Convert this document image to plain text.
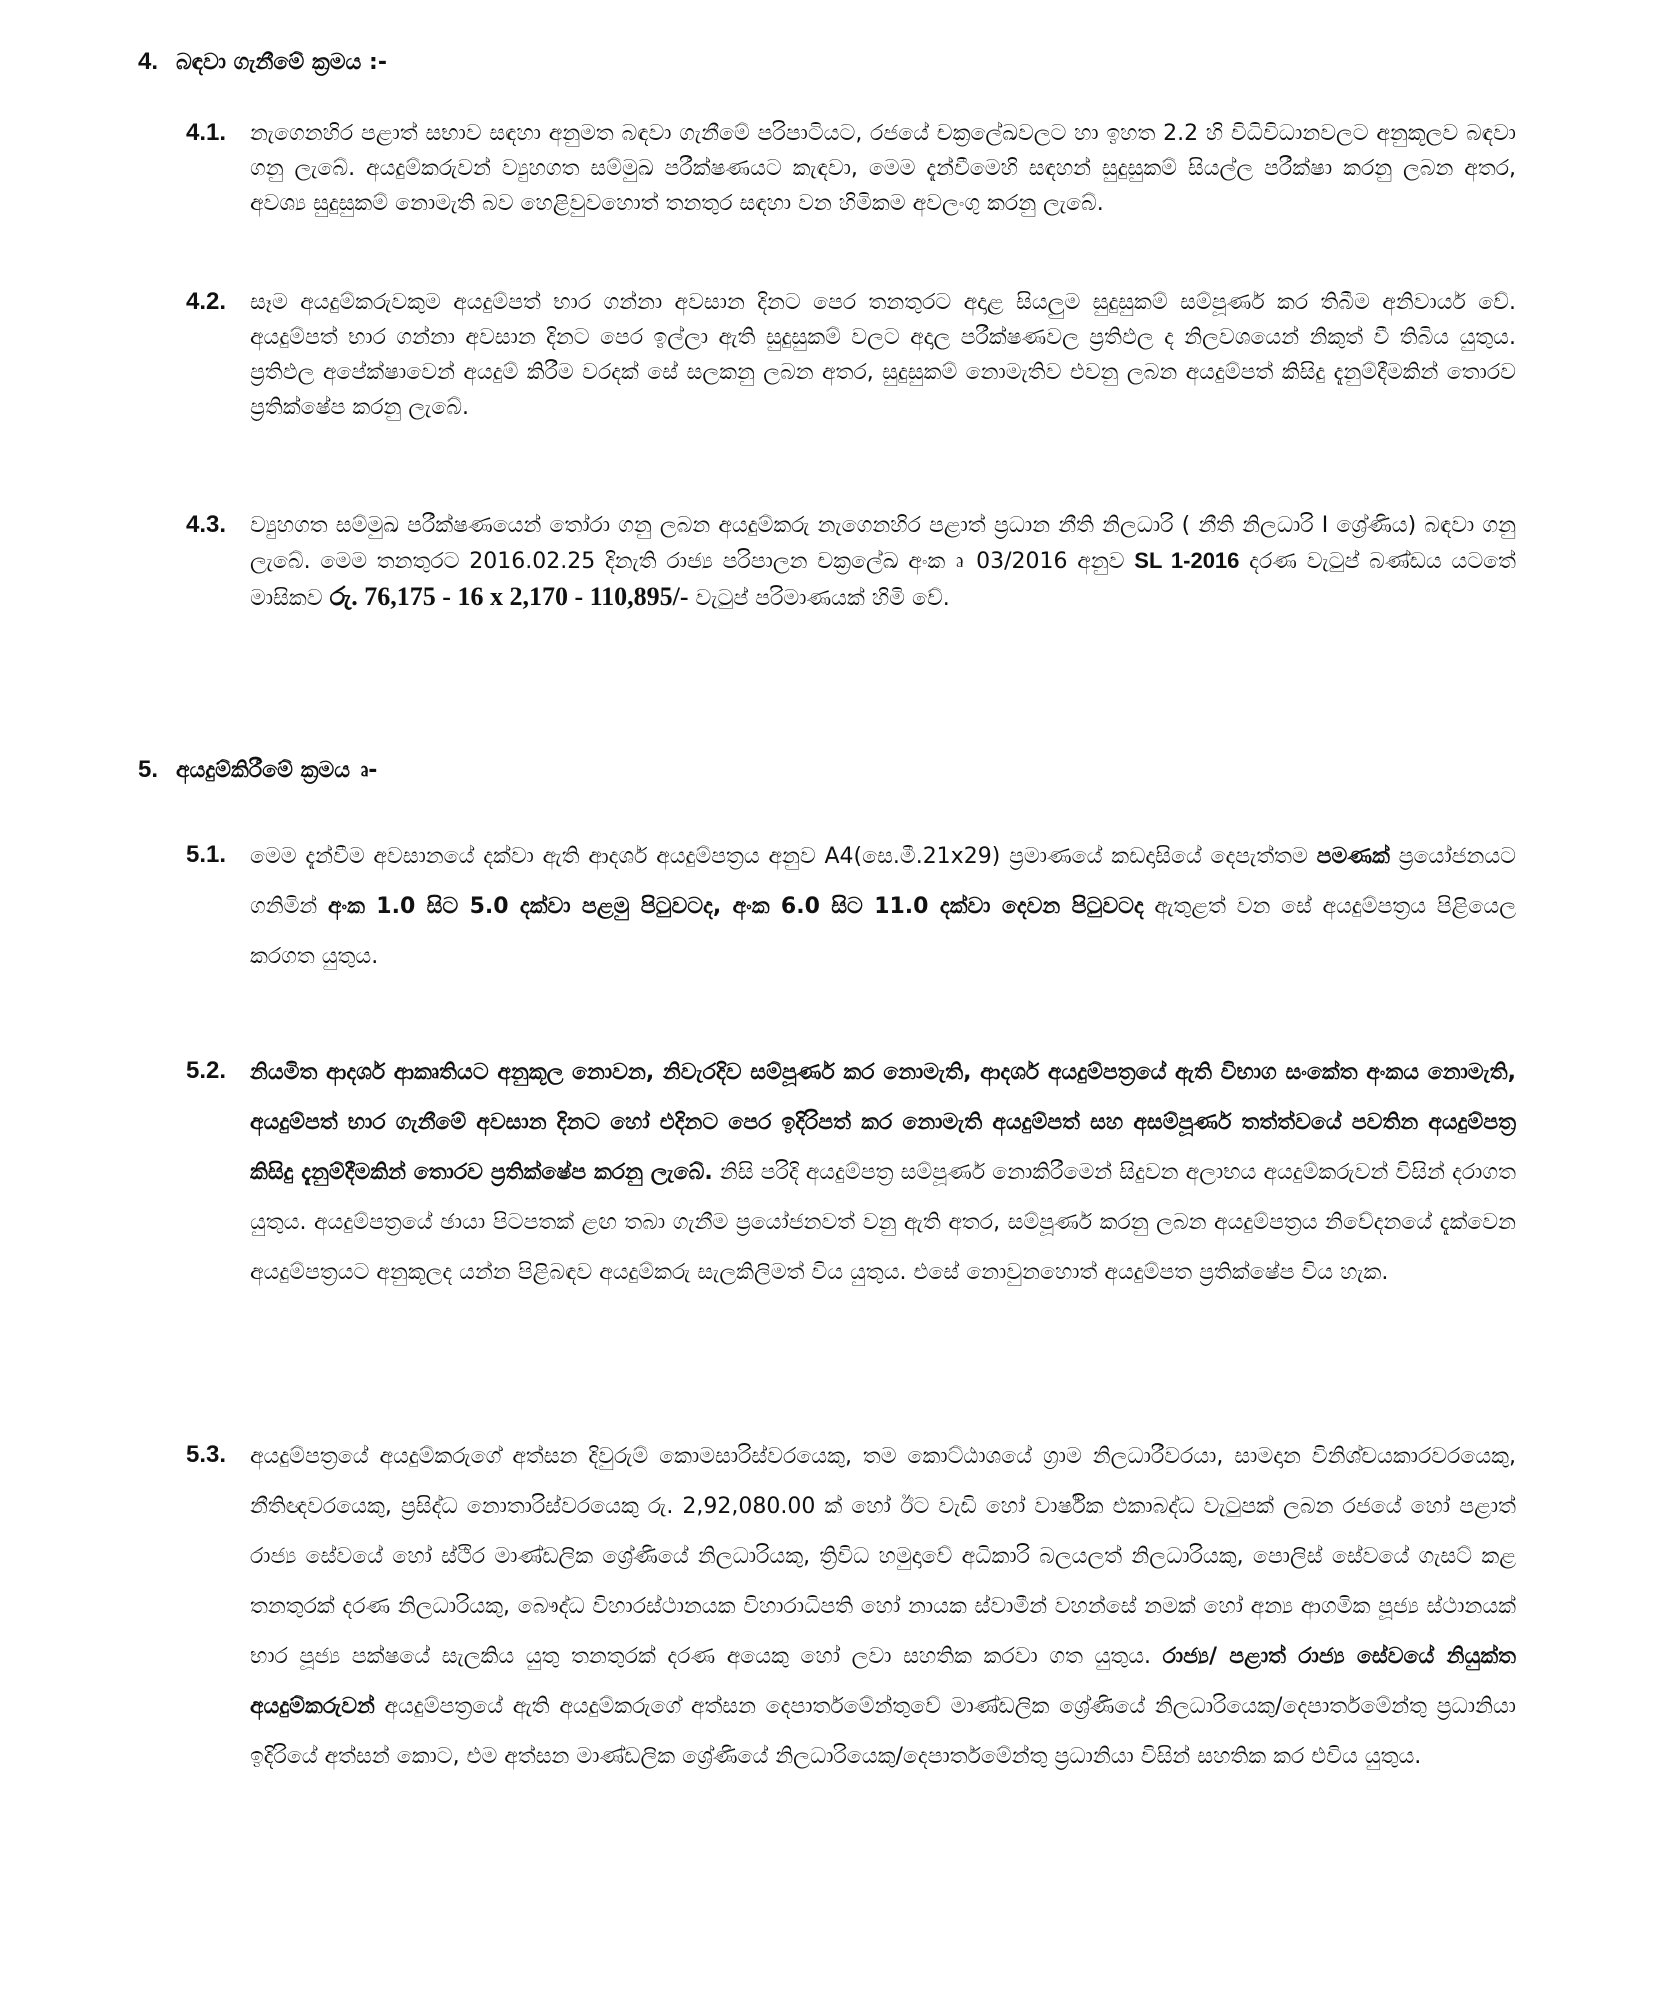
4. බඳවා ගැනීමේ ක්‍රමය :-
4.1.	නැගෙනහිර පළාත් සභාව සඳහා අනුමත බඳවා ගැනීමේ පරිපාටියට, රජයේ චක්‍රලේඛවලට හා ඉහත 2.2 හි විධිවිධානවලට අනුකූලව බඳවා ගනු ලැබේ. අයදුම්කරුවන් ව්‍යුහගත සම්මුඛ පරීක්ෂණයට කැඳවා, මෙම දැන්වීමෙහි සඳහන් සුදුසුකම් සියල්ල පරීක්ෂා කරනු ලබන අතර, අවශ්‍ය සුදුසුකම් නොමැති බව හෙළිවුවහොත් තනතුර සඳහා වන හිමිකම අවලංගු කරනු ලැබේ.
4.2.	සෑම අයදුම්කරුවකුම අයදුම්පත් භාර ගන්නා අවසාන දිනට පෙර තනතුරට අදාළ සියලුම සුදුසුකම් සම්පූර්ණ කර තිබීම අනිවාර්ය වේ. අයදුම්පත් භාර ගන්නා අවසාන දිනට පෙර ඉල්ලා ඇති සුදුසුකම් වලට අදාල පරීක්ෂණවල ප්‍රතිඵල ද නිලවශයෙන් නිකුත් වී තිබිය යුතුය. ප්‍රතිඵල අපේක්ෂාවෙන් අයදුම් කිරීම වරදක් සේ සලකනු ලබන අතර, සුදුසුකම් නොමැතිව එවනු ලබන අයදුම්පත් කිසිදු දැනුම්දීමකින් තොරව ප්‍රතික්ෂේප කරනු ලැබේ.
4.3.	ව්‍යුහගත සම්මුඛ පරීක්ෂණයෙන් තෝරා ගනු ලබන අයදුම්කරු නැගෙනහිර පළාත් ප්‍රධාන නීති නිලධාරි ( නීති නිලධාරි I ශ්‍රේණිය) බඳවා ගනු ලැබේ. මෙම තනතුරට 2016.02.25 දිනැති රාජ්‍ය පරිපාලන චක්‍රලේඛ අංක ‍ෘ 03/2016 අනුව SL 1-2016 දරණ වැටුප් බණ්ඩය යටතේ මාසිකව රු. 76,175 - 16 x 2,170 - 110,895/- වැටුප් පරිමාණයක් හිමි වේ.
5. අයදුම්කිරීමේ ක්‍රමය ‍ෘ-
5.1.	මෙම දැන්වීම අවසානයේ දක්වා ඇති ආදර්ශ අයදුම්පත්‍රය අනුව A4(සෙ.මී.21x29) ප්‍රමාණයේ කඩදාසියේ දෙපැත්තම පමණක් ප්‍රයෝජනයට ගනිමින් අංක 1.0 සිට 5.0 දක්වා පළමු පිටුවටද, අංක 6.0 සිට 11.0 දක්වා දෙවන පිටුවටද ඇතුළත් වන සේ අයදුම්පත්‍රය පිළියෙල කරගත යුතුය.
5.2.	නියමිත ආදර්ශ ආකෘතියට අනුකූල නොවන, නිවැරදිව සම්පූර්ණ කර නොමැති, ආදර්ශ අයදුම්පත්‍රයේ ඇති විභාග සංකේත අංකය නොමැති, අයදුම්පත් භාර ගැනීමේ අවසාන දිනට හෝ එදිනට පෙර ඉදිරිපත් කර නොමැති අයදුම්පත් සහ අසම්පූර්ණ තත්ත්වයේ පවතින අයදුම්පත්‍ර කිසිදු දැනුම්දීමකින් තොරව ප්‍රතික්ෂේප කරනු ලැබේ. නිසි පරිදි අයදුම්පත්‍ර සම්පූර්ණ නොකිරීමෙන් සිදුවන අලාභය අයදුම්කරුවන් විසින් දරාගත යුතුය. අයදුම්පත්‍රයේ ඡායා පිටපතක් ළඟ තබා ගැනීම ප්‍රයෝජනවත් වනු ඇති අතර, සම්පූර්ණ කරනු ලබන අයදුම්පත්‍රය නිවේදනයේ දැක්වෙන අයදුම්පත්‍රයට අනුකූලද යන්න පිළිබඳව අයදුම්කරු සැලකිලිමත් විය යුතුය. එසේ නොවුනහොත් අයදුම්පත ප්‍රතික්ෂේප විය හැක.
5.3.	අයදුම්පත්‍රයේ අයදුම්කරුගේ අත්සන දිවුරුම් කොමසාරිස්වරයෙකු, තම කොට්ඨාශයේ ග්‍රාම නිලධාරීවරයා, සාමදාන විනිශ්චයකාරවරයෙකු, නීතිඥවරයෙකු, ප්‍රසිද්ධ නොතාරිස්වරයෙකු රු. 2,92,080.00 ක් හෝ ඊට වැඩි හෝ වාර්ෂික එකාබද්ධ වැටුපක් ලබන රජයේ හෝ පළාත් රාජ්‍ය සේවයේ හෝ ස්ථිර මාණ්ඩලික ශ්‍රේණියේ නිලධාරියකු, ත්‍රිවිධ හමුදාවේ අධිකාරි බලයලත් නිලධාරියකු, පොලිස් සේවයේ ගැසට් කළ තනතුරක් දරණ නිලධාරියකු, බෞද්ධ විහාරස්ථානයක විහාරාධිපති හෝ නායක ස්වාමීන් වහන්සේ නමක් හෝ අන්‍ය ආගමික පූජ්‍ය ස්ථානයක් භාර පූජ්‍ය පක්ෂයේ සැලකිය යුතු තනතුරක් දරණ අයෙකු හෝ ලවා සහතික කරවා ගත යුතුය. රාජ්‍ය/ පළාත් රාජ්‍ය සේවයේ නියුක්ත අයදුම්කරුවන් අයදුම්පත්‍රයේ ඇති අයදුම්කරුගේ අත්සන දෙපාර්තමේන්තුවේ මාණ්ඩලික ශ්‍රේණියේ නිලධාරියෙකු/දෙපාර්තමේන්තු ප්‍රධානියා ඉදිරියේ අත්සන් කොට, එම අත්සන මාණ්ඩලික ශ්‍රේණියේ නිලධාරියෙකු/දෙපාර්තමේන්තු ප්‍රධානියා විසින් සහතික කර එවිය යුතුය.
